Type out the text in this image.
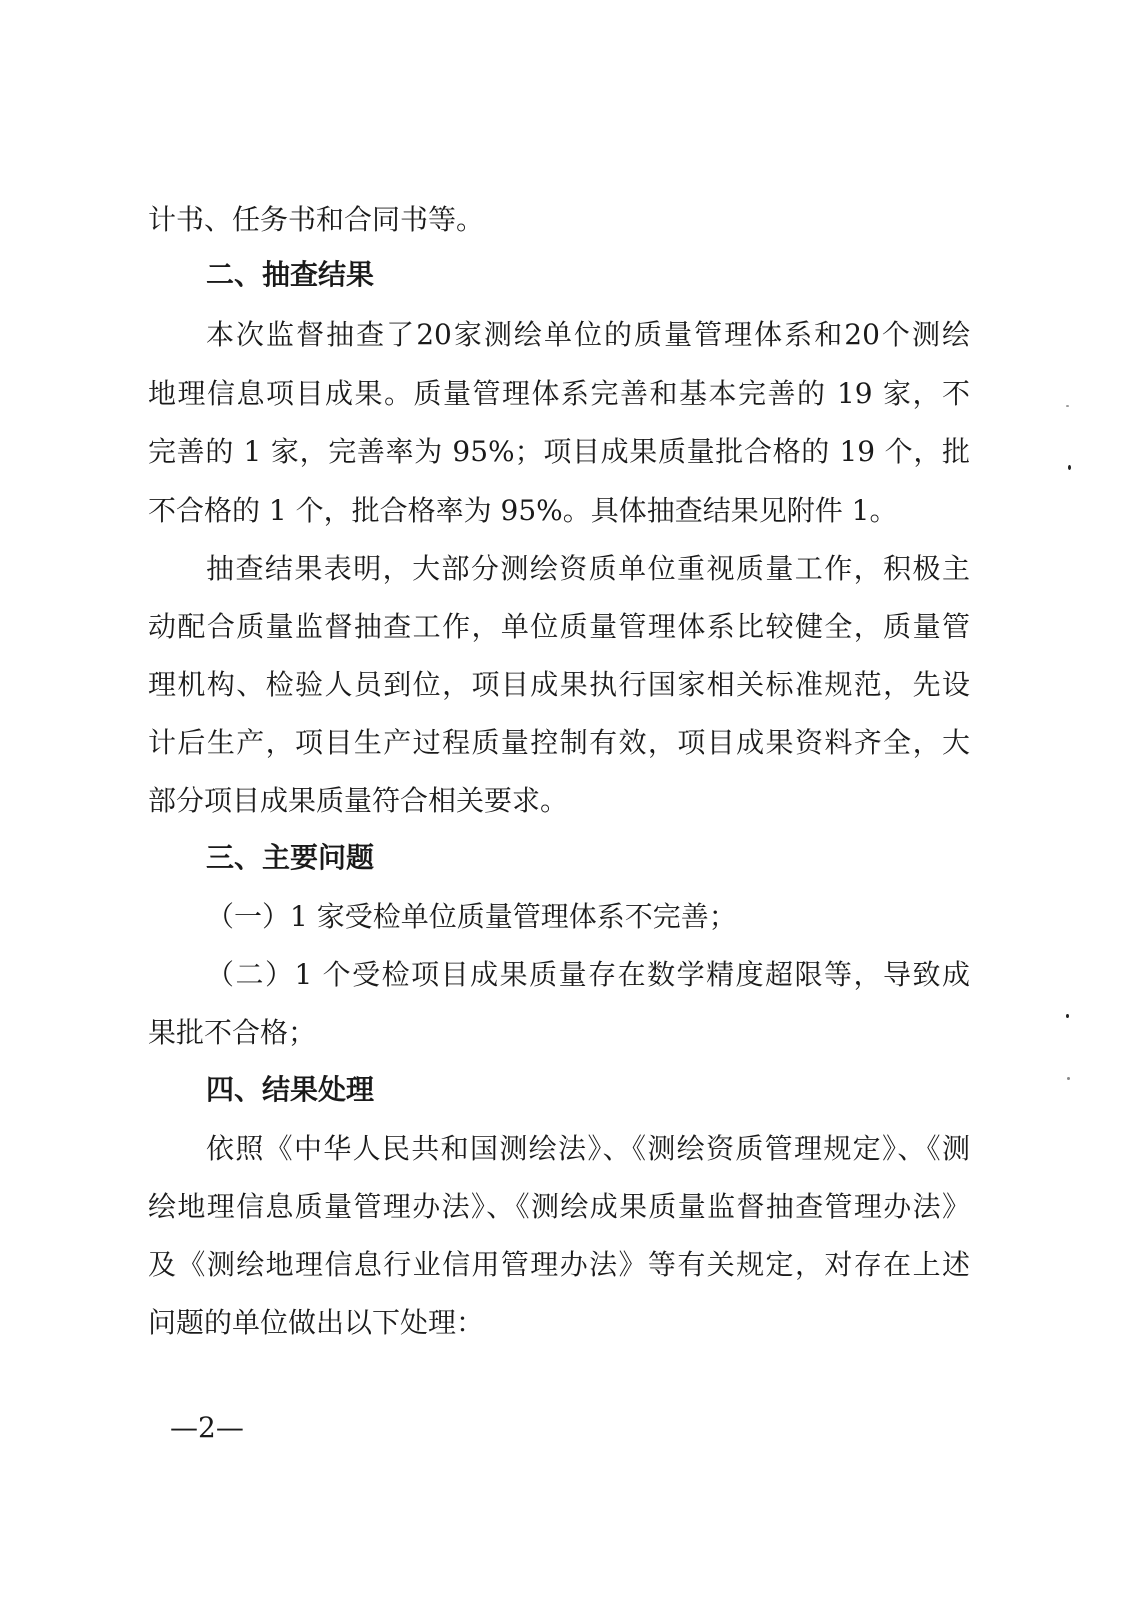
计书、任务书和合同书等。
二、抽查结果
本次监督抽查了20家测绘单位的质量管理体系和20个测绘
地理信息项目成果。质量管理体系完善和基本完善的 19 家，不
完善的 1 家，完善率为 95%；项目成果质量批合格的 19 个，批
不合格的 1 个，批合格率为 95%。具体抽查结果见附件 1。
抽查结果表明，大部分测绘资质单位重视质量工作，积极主
动配合质量监督抽查工作，单位质量管理体系比较健全，质量管
理机构、检验人员到位，项目成果执行国家相关标准规范，先设
计后生产，项目生产过程质量控制有效，项目成果资料齐全，大
部分项目成果质量符合相关要求。
三、主要问题
（一）1 家受检单位质量管理体系不完善；
（二）1 个受检项目成果质量存在数学精度超限等，导致成
果批不合格；
四、结果处理
依照《中华人民共和国测绘法》、《测绘资质管理规定》、《测
绘地理信息质量管理办法》、《测绘成果质量监督抽查管理办法》
及《测绘地理信息行业信用管理办法》等有关规定，对存在上述
问题的单位做出以下处理：
—2—
